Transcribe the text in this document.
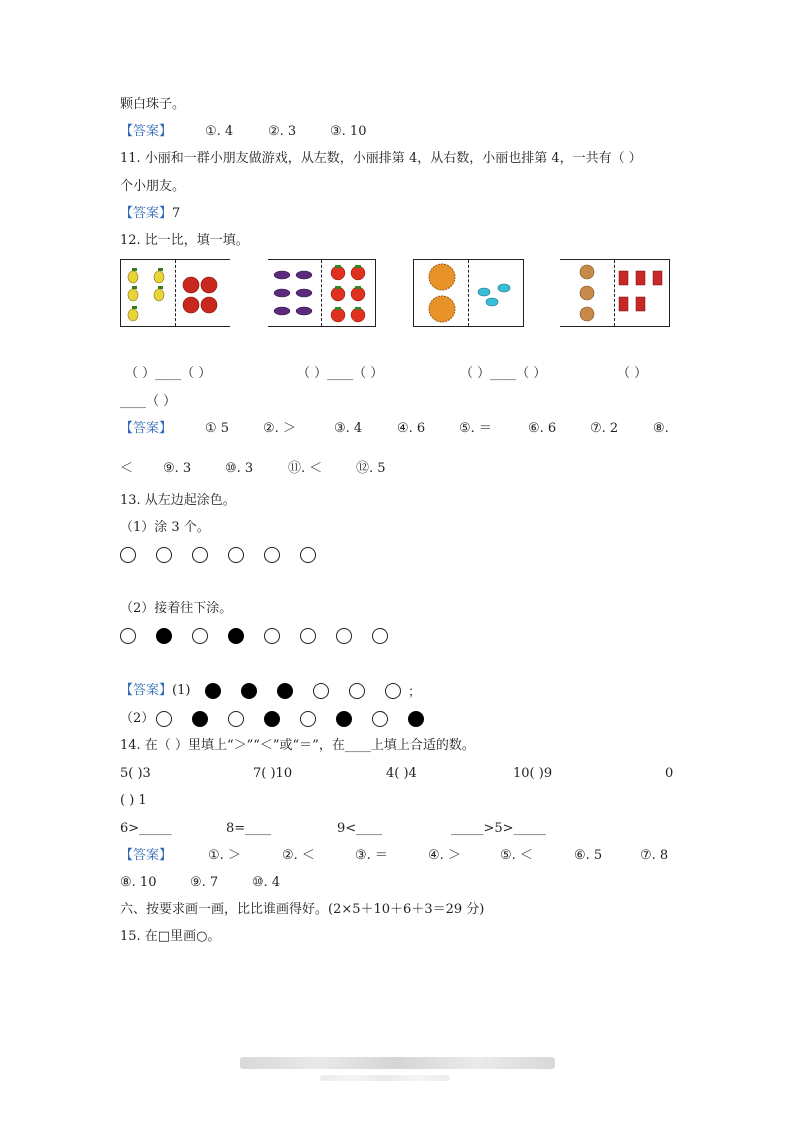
颗白珠子。
【答案】	①. 4	②. 3	③. 10
11. 小丽和一群小朋友做游戏，从左数，小丽排第 4，从右数，小丽也排第 4，一共有（ ）
个小朋友。
【答案】7
12. 比一比，填一填。
（ ）____（ ）	（ ）____（ ）	（ ）____（ ）	（ ）
____（ ）
【答案】	① 5	②. ＞	③. 4	④. 6	⑤. ＝	⑥. 6	⑦. 2	⑧.
＜ ⑨. 3	⑩. 3	⑪. ＜	⑫. 5
13. 从左边起涂色。
（1）涂 3 个。
（2）接着往下涂。
【答案】(1)	；
（2）
14. 在（ ）里填上“＞”“＜”或“＝”，在____上填上合适的数。
5( )3	7( )10	4( )4	10( )9	0
( ) 1
6>_____	8=____	9<____	_____>5>_____
【答案】	①. ＞	②. ＜	③. ＝	④. ＞	⑤. ＜	⑥. 5	⑦. 8
⑧. 10	⑨. 7	⑩. 4
六、按要求画一画，比比谁画得好。(2×5＋10＋6＋3＝29 分)
15. 在□里画○。
